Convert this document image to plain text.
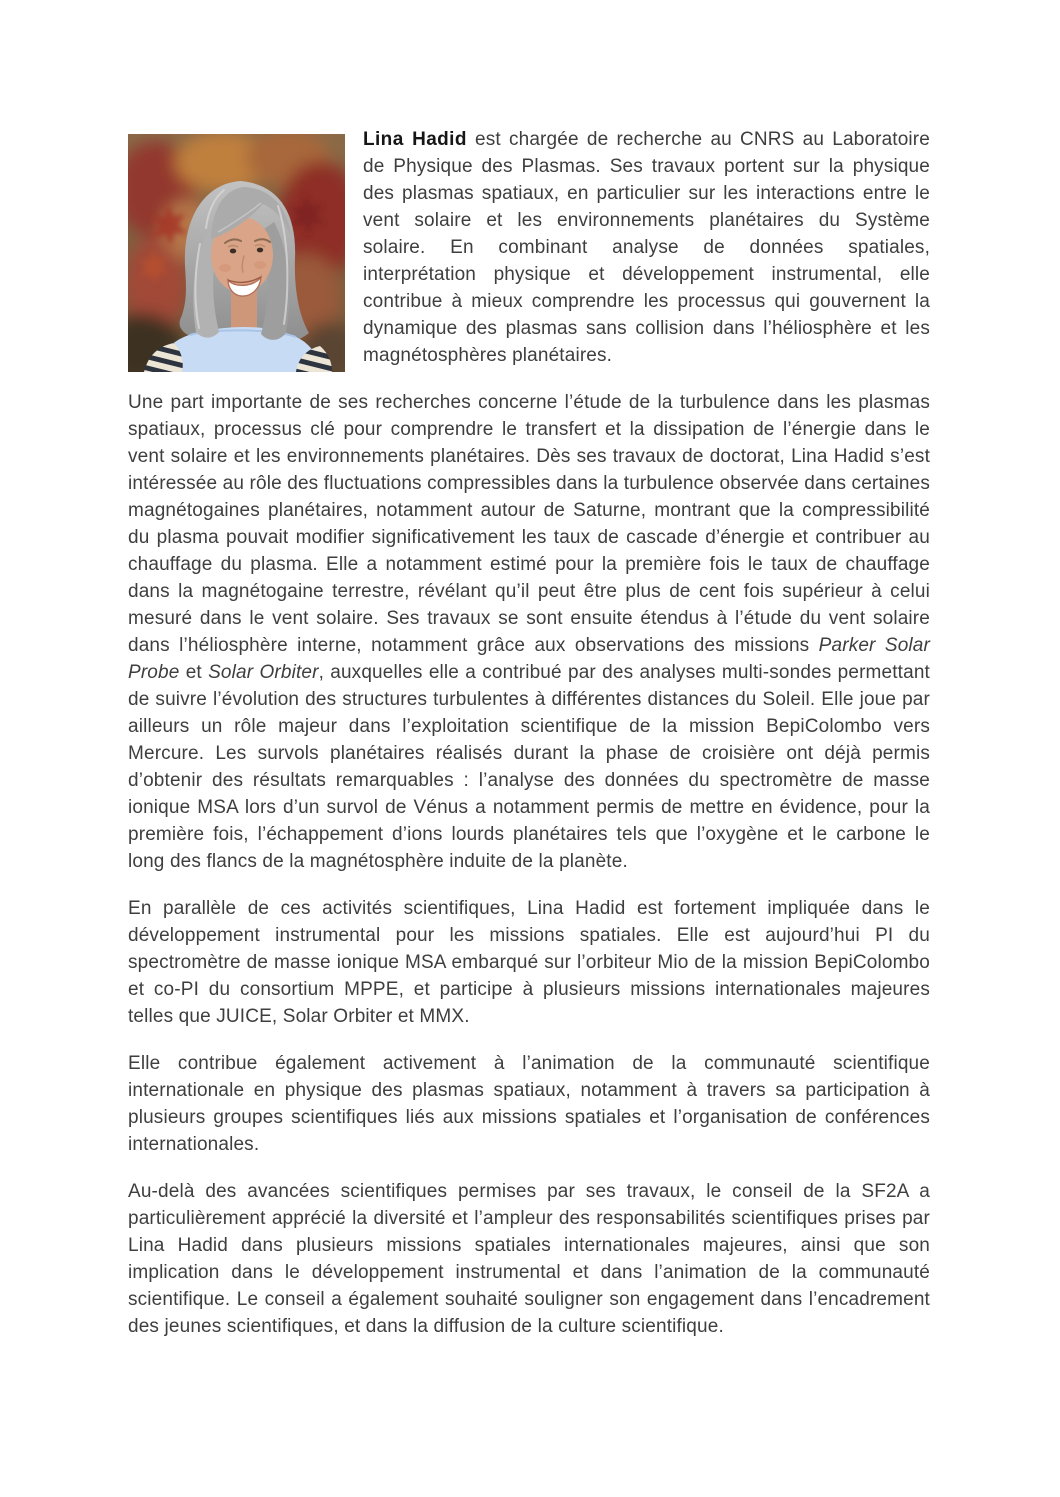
Lina Hadid est chargée de recherche au CNRS au Laboratoire de Physique des Plasmas. Ses travaux portent sur la physique des plasmas spatiaux, en particulier sur les interactions entre le vent solaire et les environnements planétaires du Système solaire. En combinant analyse de données spatiales, interprétation physique et développement instrumental, elle contribue à mieux comprendre les processus qui gouvernent la dynamique des plasmas sans collision dans l’héliosphère et les magnétosphères planétaires.

Une part importante de ses recherches concerne l’étude de la turbulence dans les plasmas spatiaux, processus clé pour comprendre le transfert et la dissipation de l’énergie dans le vent solaire et les environnements planétaires. Dès ses travaux de doctorat, Lina Hadid s’est intéressée au rôle des fluctuations compressibles dans la turbulence observée dans certaines magnétogaines planétaires, notamment autour de Saturne, montrant que la compressibilité du plasma pouvait modifier significativement les taux de cascade d’énergie et contribuer au chauffage du plasma. Elle a notamment estimé pour la première fois le taux de chauffage dans la magnétogaine terrestre, révélant qu’il peut être plus de cent fois supérieur à celui mesuré dans le vent solaire. Ses travaux se sont ensuite étendus à l’étude du vent solaire dans l’héliosphère interne, notamment grâce aux observations des missions Parker Solar Probe et Solar Orbiter, auxquelles elle a contribué par des analyses multi-sondes permettant de suivre l’évolution des structures turbulentes à différentes distances du Soleil. Elle joue par ailleurs un rôle majeur dans l’exploitation scientifique de la mission BepiColombo vers Mercure. Les survols planétaires réalisés durant la phase de croisière ont déjà permis d’obtenir des résultats remarquables : l’analyse des données du spectromètre de masse ionique MSA lors d’un survol de Vénus a notamment permis de mettre en évidence, pour la première fois, l’échappement d’ions lourds planétaires tels que l’oxygène et le carbone le long des flancs de la magnétosphère induite de la planète.

En parallèle de ces activités scientifiques, Lina Hadid est fortement impliquée dans le développement instrumental pour les missions spatiales. Elle est aujourd’hui PI du spectromètre de masse ionique MSA embarqué sur l’orbiteur Mio de la mission BepiColombo et co-PI du consortium MPPE, et participe à plusieurs missions internationales majeures telles que JUICE, Solar Orbiter et MMX.

Elle contribue également activement à l’animation de la communauté scientifique internationale en physique des plasmas spatiaux, notamment à travers sa participation à plusieurs groupes scientifiques liés aux missions spatiales et l’organisation de conférences internationales.

Au-delà des avancées scientifiques permises par ses travaux, le conseil de la SF2A a particulièrement apprécié la diversité et l’ampleur des responsabilités scientifiques prises par Lina Hadid dans plusieurs missions spatiales internationales majeures, ainsi que son implication dans le développement instrumental et dans l’animation de la communauté scientifique. Le conseil a également souhaité souligner son engagement dans l’encadrement des jeunes scientifiques, et dans la diffusion de la culture scientifique.
